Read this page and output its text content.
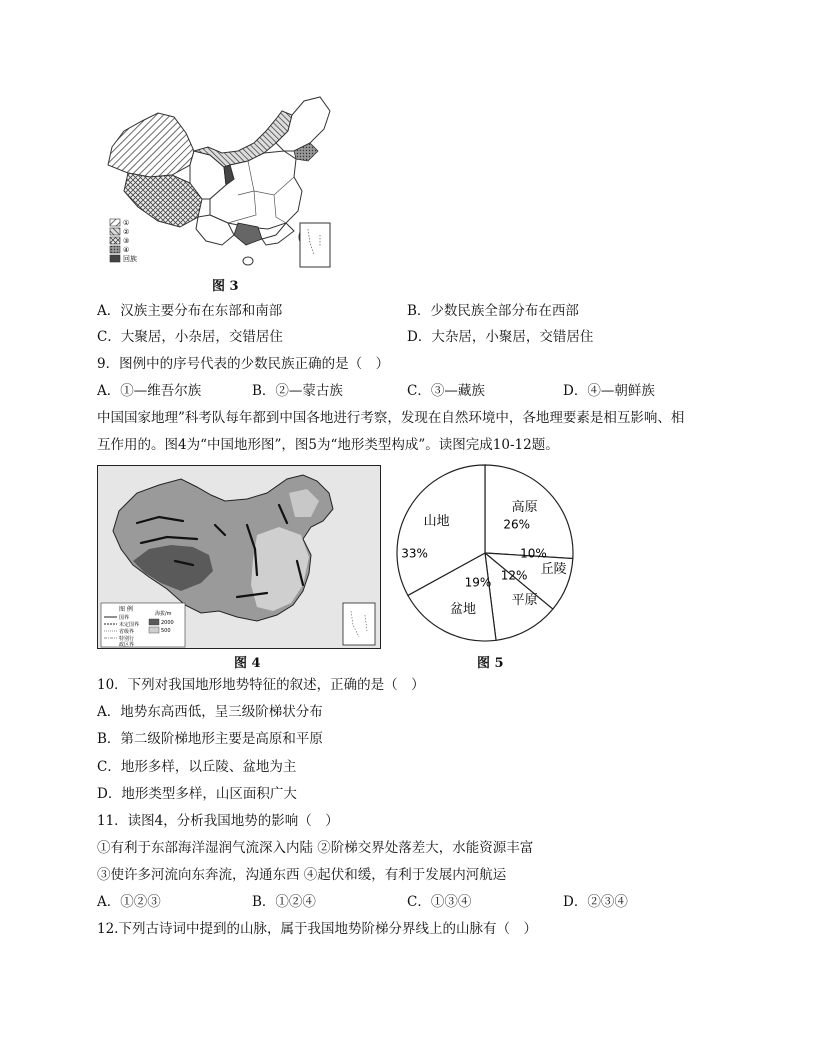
①
②
③
④
回族
图 3
A．汉族主要分布在东部和南部	B．少数民族全部分布在西部
C．大聚居，小杂居，交错居住	D．大杂居，小聚居，交错居住
9．图例中的序号代表的少数民族正确的是（　）
A．①—维吾尔族	B．②—蒙古族	C．③—藏族	D．④—朝鲜族
中国国家地理”科考队每年都到中国各地进行考察，发现在自然环境中，各地理要素是相互影响、相
互作用的。图4为“中国地形图”，图5为“地形类型构成”。读图完成10-12题。
图 例
国界
未定国界
省级界
特别行
政区界
海拔/m
2000
500
图 4
高原
26%
丘陵
10%
平原
12%
盆地
19%
山地
33%
图 5
10．下列对我国地形地势特征的叙述，正确的是（　）
A．地势东高西低，呈三级阶梯状分布
B．第二级阶梯地形主要是高原和平原
C．地形多样，以丘陵、盆地为主
D．地形类型多样，山区面积广大
11．读图4，分析我国地势的影响（　）
①有利于东部海洋湿润气流深入内陆 ②阶梯交界处落差大，水能资源丰富
③使许多河流向东奔流，沟通东西 ④起伏和缓，有利于发展内河航运
A．①②③	B．①②④	C．①③④	D．②③④
12.下列古诗词中提到的山脉，属于我国地势阶梯分界线上的山脉有（　）
